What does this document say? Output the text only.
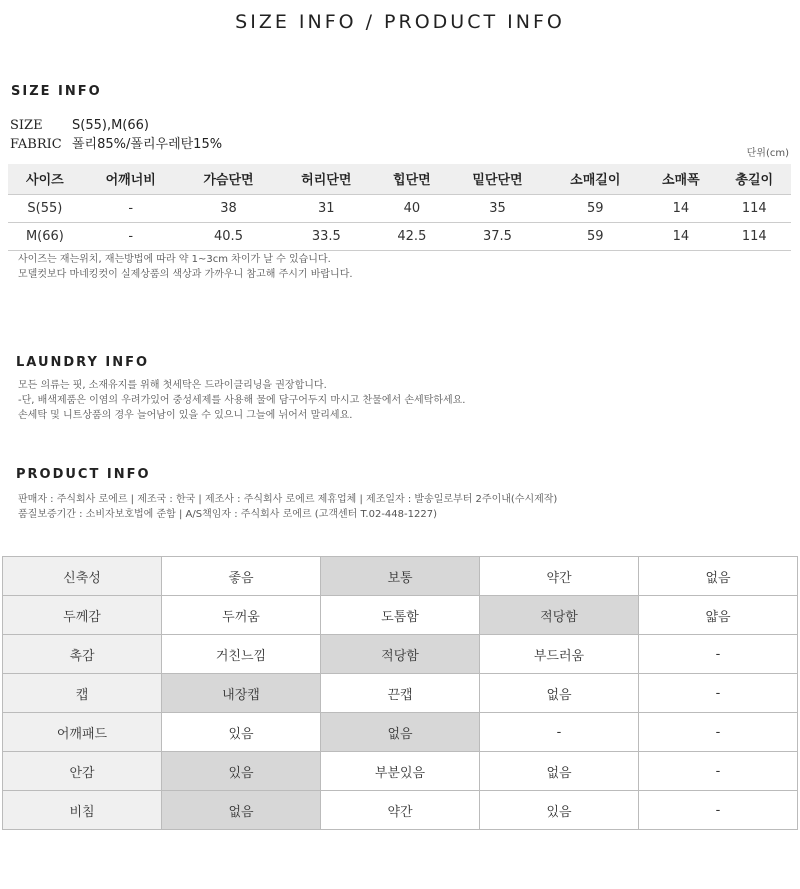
SIZE INFO / PRODUCT INFO
SIZE INFO
SIZE S(55),M(66)
FABRIC 폴리85%/폴리우레탄15%
단위(cm)
사이즈	어깨너비	가슴단면	허리단면	힙단면	밑단단면	소매길이	소매폭	총길이
S(55)	-	38	31	40	35	59	14	114
M(66)	-	40.5	33.5	42.5	37.5	59	14	114
사이즈는 재는위치, 재는방법에 따라 약 1~3cm 차이가 날 수 있습니다.
모델컷보다 마네킹컷이 실제상품의 색상과 가까우니 참고해 주시기 바랍니다.
LAUNDRY INFO
모든 의류는 핏, 소재유지를 위해 첫세탁은 드라이클리닝을 권장합니다.
-단, 배색제품은 이염의 우려가있어 중성세제를 사용해 물에 담구어두지 마시고 찬물에서 손세탁하세요.
손세탁 및 니트상품의 경우 늘어남이 있을 수 있으니 그늘에 뉘어서 말리세요.
PRODUCT INFO
판매자 : 주식회사 로에르 | 제조국 : 한국 | 제조사 : 주식회사 로에르 제휴업체 | 제조일자 : 발송일로부터 2주이내(수시제작)
품질보증기간 : 소비자보호법에 준함 | A/S책임자 : 주식회사 로에르 (고객센터 T.02-448-1227)
신축성	좋음	보통	약간	없음
두께감	두꺼움	도톰함	적당함	얇음
촉감	거친느낌	적당함	부드러움	-
캡	내장캡	끈캡	없음	-
어깨패드	있음	없음	-	-
안감	있음	부분있음	없음	-
비침	없음	약간	있음	-
